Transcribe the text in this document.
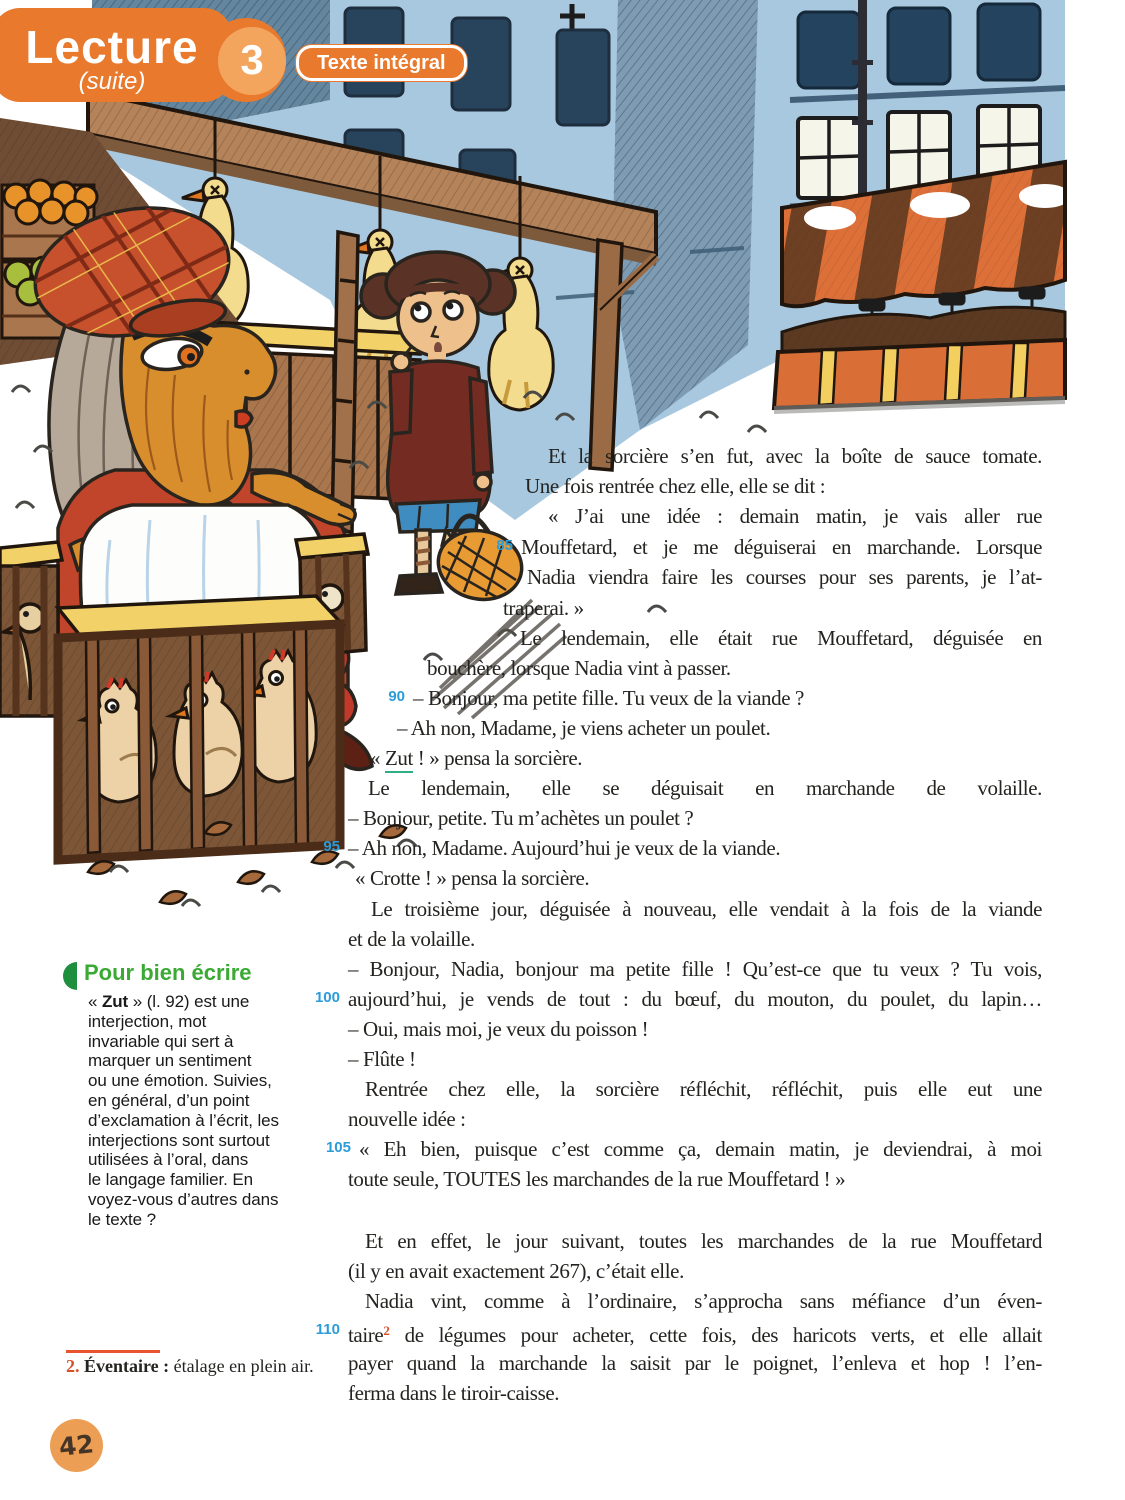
Lecture
(suite)	3	Texte intégral
Et la sorcière s’en fut, avec la boîte de sauce tomate.
Une fois rentrée chez elle, elle se dit :
« J’ai une idée : demain matin, je vais aller rue
Mouffetard, et je me déguiserai en marchande. Lorsque
85
Nadia viendra faire les courses pour ses parents, je l’at-
traperai. »
Le lendemain, elle était rue Mouffetard, déguisée en
bouchère, lorsque Nadia vint à passer.
– Bonjour, ma petite fille. Tu veux de la viande ?
90
– Ah non, Madame, je viens acheter un poulet.
« Zut ! » pensa la sorcière.
Le lendemain, elle se déguisait en marchande de volaille.
– Bonjour, petite. Tu m’achètes un poulet ?
– Ah non, Madame. Aujourd’hui je veux de la viande.
95
« Crotte ! » pensa la sorcière.
Le troisième jour, déguisée à nouveau, elle vendait à la fois de la viande
et de la volaille.
– Bonjour, Nadia, bonjour ma petite fille ! Qu’est-ce que tu veux ? Tu vois,
aujourd’hui, je vends de tout : du bœuf, du mouton, du poulet, du lapin…
100
– Oui, mais moi, je veux du poisson !
– Flûte !
Rentrée chez elle, la sorcière réfléchit, réfléchit, puis elle eut une
nouvelle idée :
« Eh bien, puisque c’est comme ça, demain matin, je deviendrai, à moi
105
toute seule, TOUTES les marchandes de la rue Mouffetard ! »
Et en effet, le jour suivant, toutes les marchandes de la rue Mouffetard
(il y en avait exactement 267), c’était elle.
Nadia vint, comme à l’ordinaire, s’approcha sans méfiance d’un éven-
taire$^2$ de légumes pour acheter, cette fois, des haricots verts, et elle allait
110
payer quand la marchande la saisit par le poignet, l’enleva et hop ! l’en-
ferma dans le tiroir-caisse.
Pour bien écrire
« Zut » (l. 92) est une
interjection, mot
invariable qui sert à
marquer un sentiment
ou une émotion. Suivies,
en général, d’un point
d’exclamation à l’écrit, les
interjections sont surtout
utilisées à l’oral, dans
le langage familier. En
voyez-vous d’autres dans
le texte ?
2. Éventaire : étalage en plein air.
42
